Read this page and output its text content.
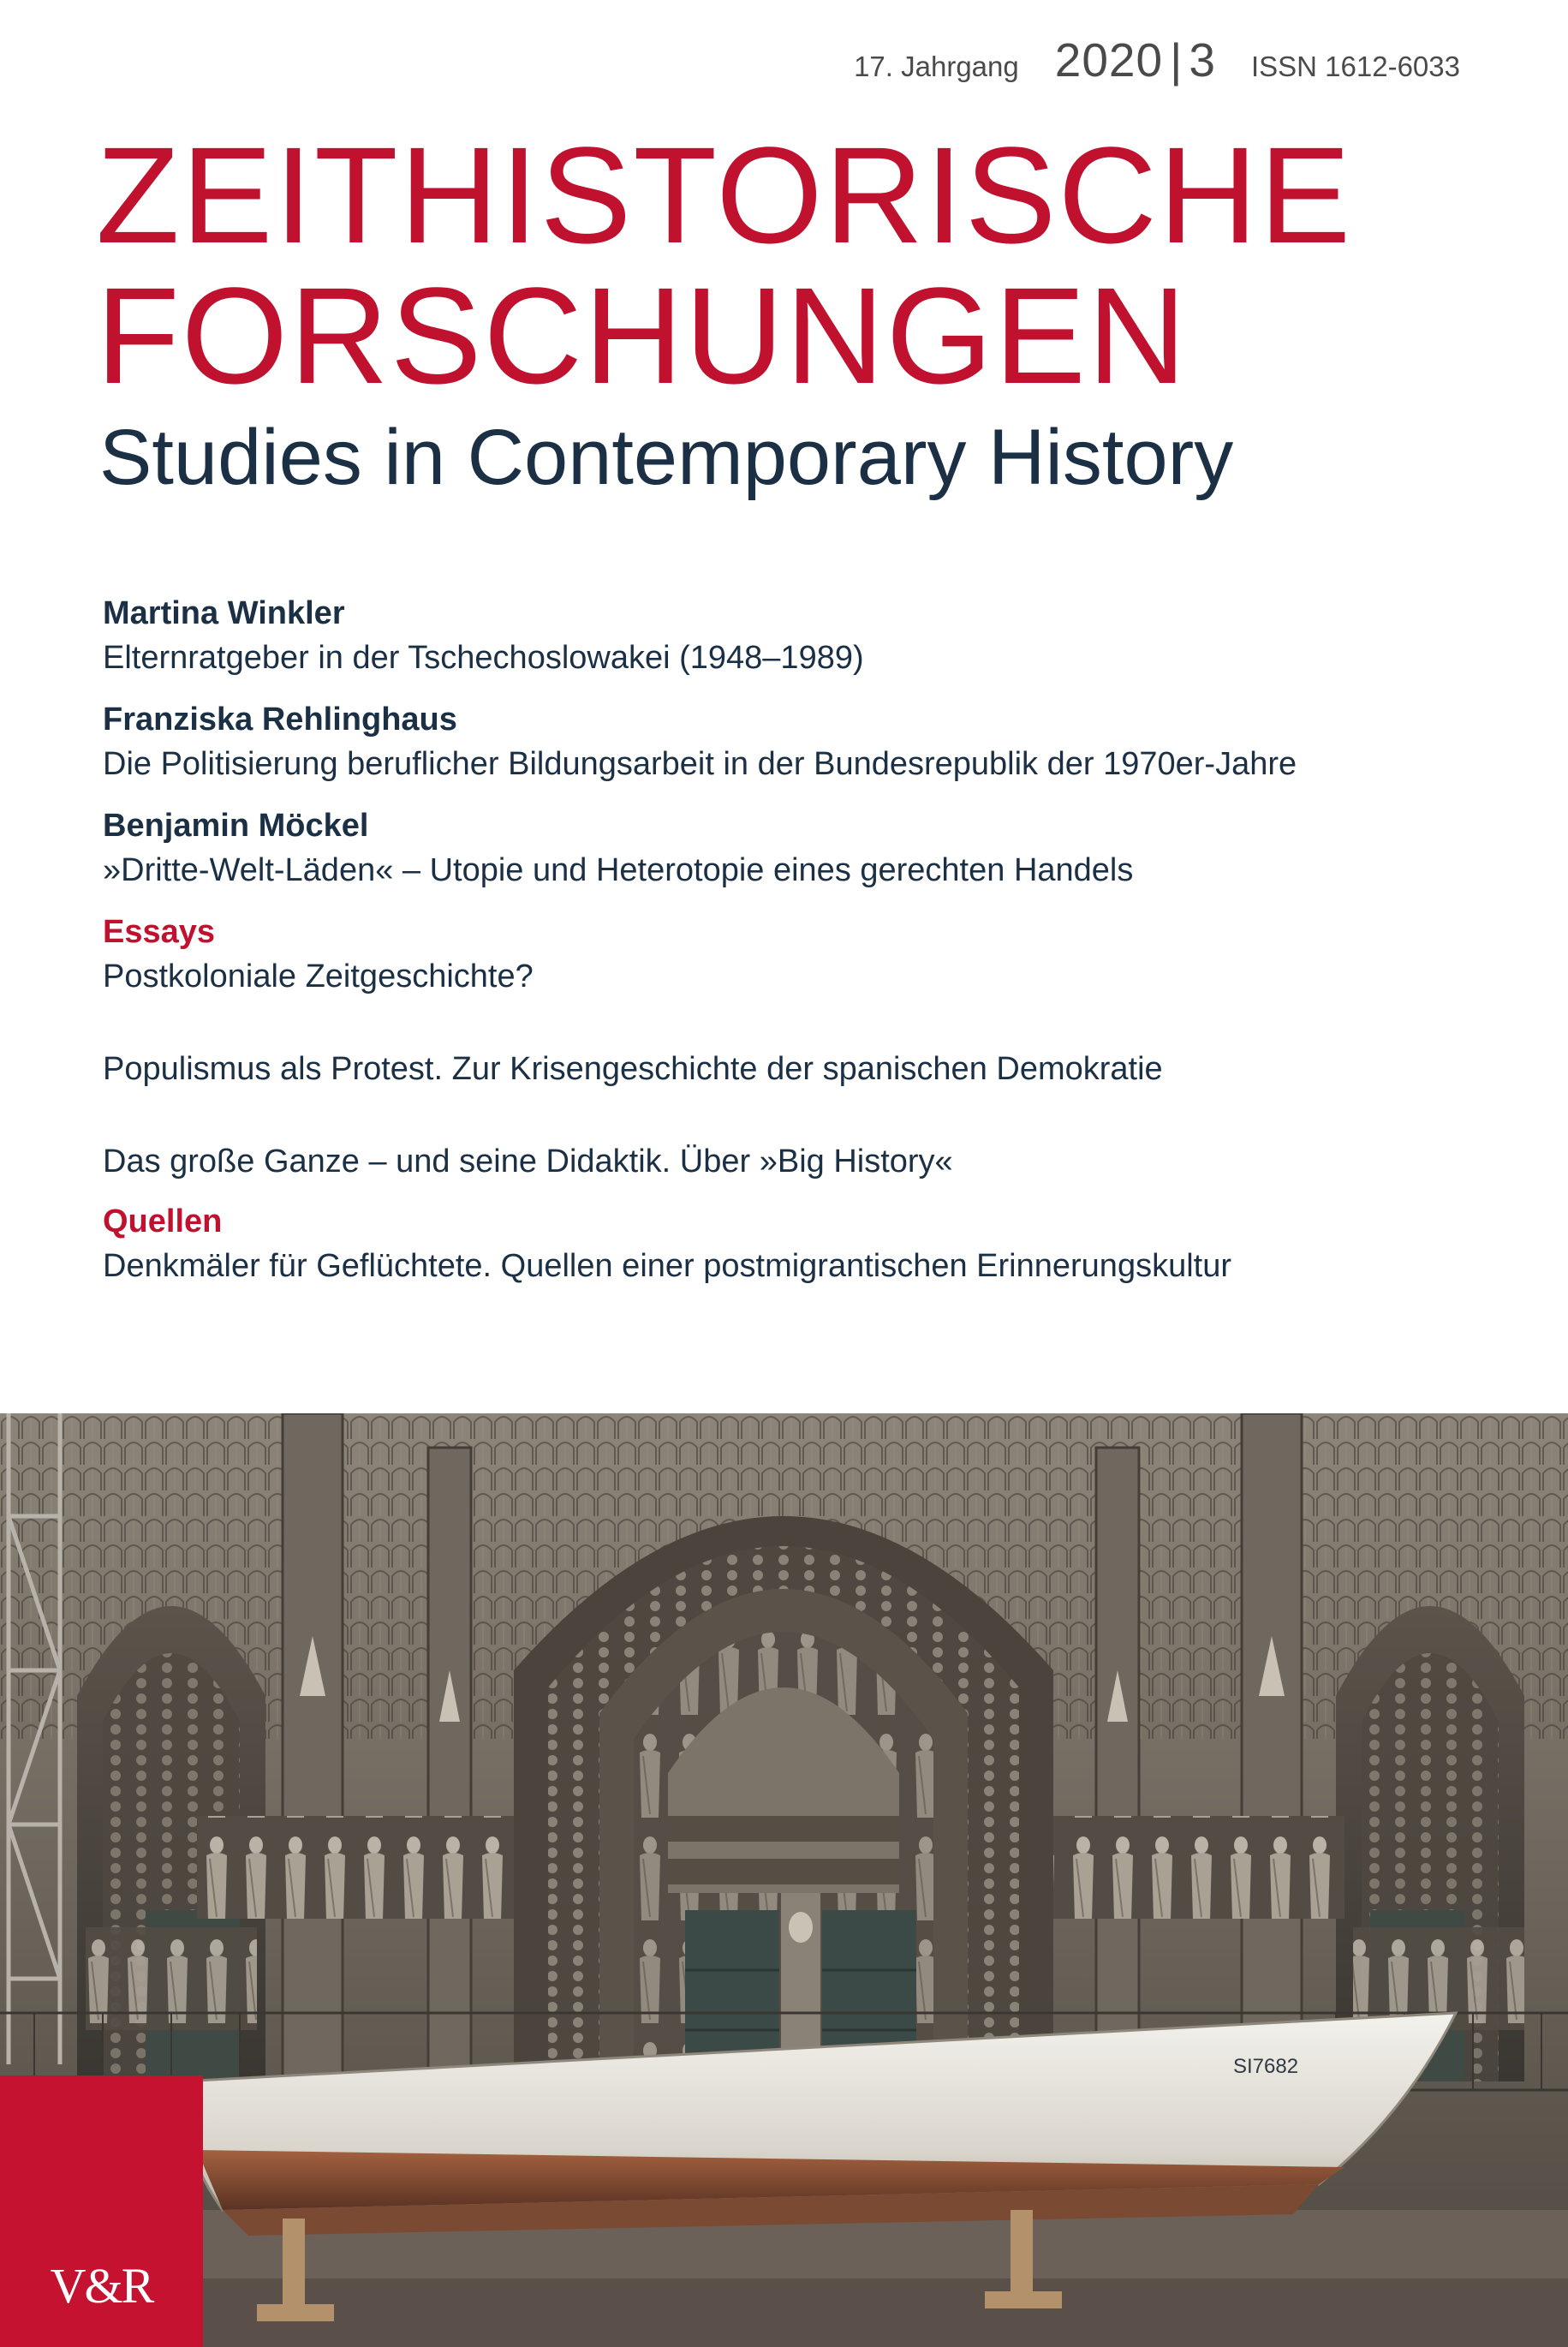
17. Jahrgang 2020 | 3 ISSN 1612-6033
ZEITHISTORISCHE
FORSCHUNGEN
Studies in Contemporary History
Martina Winkler
Elternratgeber in der Tschechoslowakei (1948–1989)
Franziska Rehlinghaus
Die Politisierung beruflicher Bildungsarbeit in der Bundesrepublik der 1970er-Jahre
Benjamin Möckel
»Dritte-Welt-Läden« – Utopie und Heterotopie eines gerechten Handels
Essays
Postkoloniale Zeitgeschichte?
Populismus als Protest. Zur Krisengeschichte der spanischen Demokratie
Das große Ganze – und seine Didaktik. Über »Big History«
Quellen
Denkmäler für Geflüchtete. Quellen einer postmigrantischen Erinnerungskultur
SI7682
V&R
